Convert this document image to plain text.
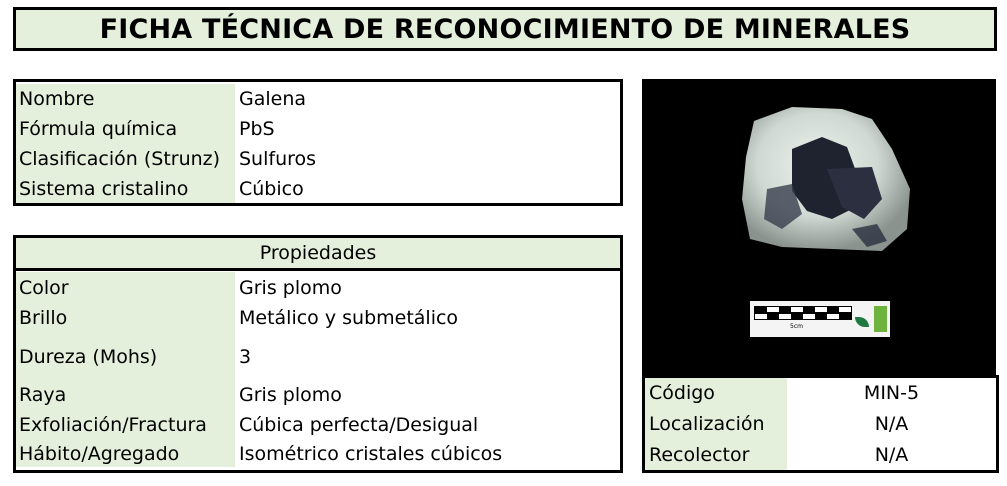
FICHA TÉCNICA DE RECONOCIMIENTO DE MINERALES
Nombre	Galena
Fórmula química	PbS
Clasificación (Strunz) Sulfuros
Sistema cristalino	Cúbico
Propiedades
Color	Gris plomo
Brillo	Metálico y submetálico
Dureza (Mohs)	3
Raya	Gris plomo
Exfoliación/Fractura	Cúbica perfecta/Desigual
Hábito/Agregado	Isométrico cristales cúbicos
5cm
Código	MIN-5
Localización	N/A
Recolector	N/A
